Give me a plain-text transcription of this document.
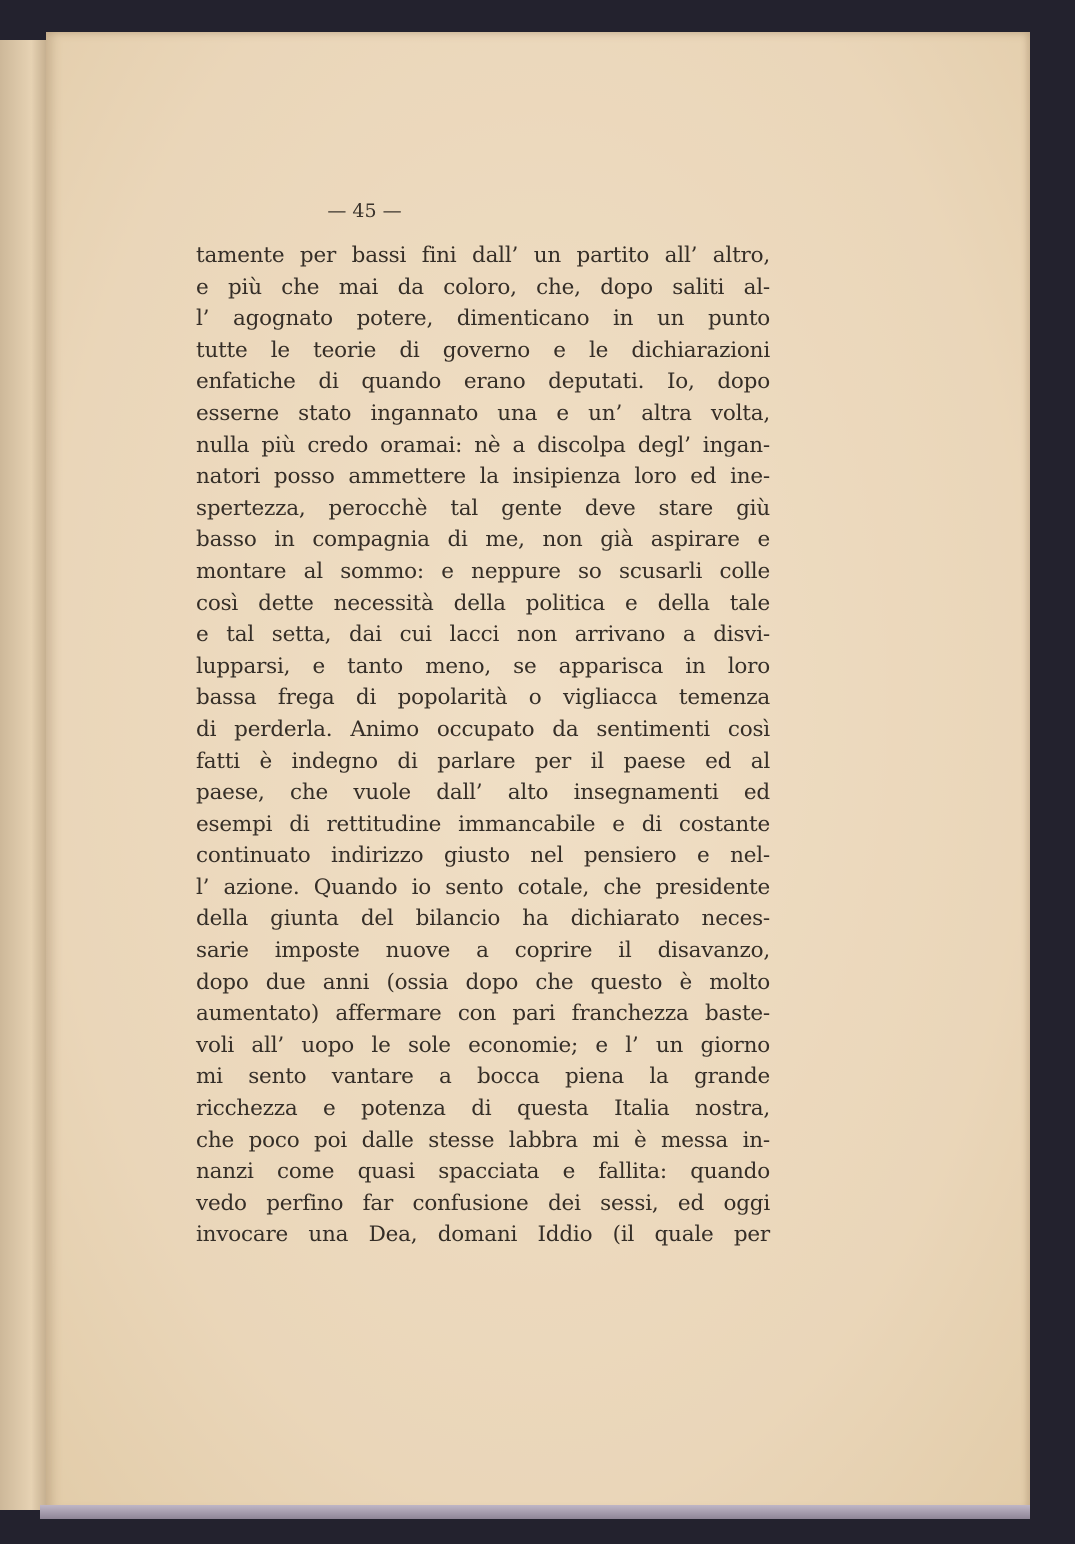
— 45 —
tamente per bassi fini dall’ un partito all’ altro,
e più che mai da coloro, che, dopo saliti al-
l’ agognato potere, dimenticano in un punto
tutte le teorie di governo e le dichiarazioni
enfatiche di quando erano deputati. Io, dopo
esserne stato ingannato una e un’ altra volta,
nulla più credo oramai: nè a discolpa degl’ ingan-
natori posso ammettere la insipienza loro ed ine-
spertezza, perocchè tal gente deve stare giù
basso in compagnia di me, non già aspirare e
montare al sommo: e neppure so scusarli colle
così dette necessità della politica e della tale
e tal setta, dai cui lacci non arrivano a disvi-
lupparsi, e tanto meno, se apparisca in loro
bassa frega di popolarità o vigliacca temenza
di perderla. Animo occupato da sentimenti così
fatti è indegno di parlare per il paese ed al
paese, che vuole dall’ alto insegnamenti ed
esempi di rettitudine immancabile e di costante
continuato indirizzo giusto nel pensiero e nel-
l’ azione. Quando io sento cotale, che presidente
della giunta del bilancio ha dichiarato neces-
sarie imposte nuove a coprire il disavanzo,
dopo due anni (ossia dopo che questo è molto
aumentato) affermare con pari franchezza baste-
voli all’ uopo le sole economie; e l’ un giorno
mi sento vantare a bocca piena la grande
ricchezza e potenza di questa Italia nostra,
che poco poi dalle stesse labbra mi è messa in-
nanzi come quasi spacciata e fallita: quando
vedo perfino far confusione dei sessi, ed oggi
invocare una Dea, domani Iddio (il quale per
